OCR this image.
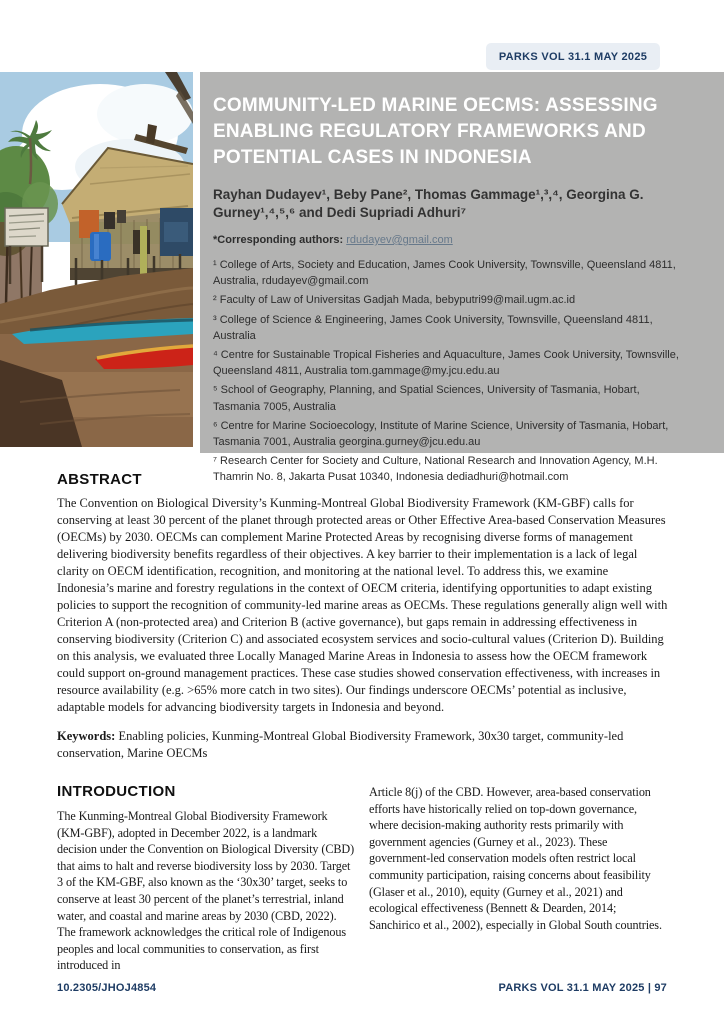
PARKS VOL 31.1 MAY 2025
COMMUNITY-LED MARINE OECMS: ASSESSING ENABLING REGULATORY FRAMEWORKS AND POTENTIAL CASES IN INDONESIA

Rayhan Dudayev¹, Beby Pane², Thomas Gammage¹,³,⁴, Georgina G. Gurney¹,⁴,⁵,⁶ and Dedi Supriadi Adhuri⁷

*Corresponding authors: rdudayev@gmail.com

¹ College of Arts, Society and Education, James Cook University, Townsville, Queensland 4811, Australia, rdudayev@gmail.com

² Faculty of Law of Universitas Gadjah Mada, bebyputri99@mail.ugm.ac.id

³ College of Science & Engineering, James Cook University, Townsville, Queensland 4811, Australia

⁴ Centre for Sustainable Tropical Fisheries and Aquaculture, James Cook University, Townsville, Queensland 4811, Australia tom.gammage@my.jcu.edu.au

⁵ School of Geography, Planning, and Spatial Sciences, University of Tasmania, Hobart, Tasmania 7005, Australia

⁶ Centre for Marine Socioecology, Institute of Marine Science, University of Tasmania, Hobart, Tasmania 7001, Australia georgina.gurney@jcu.edu.au

⁷ Research Center for Society and Culture, National Research and Innovation Agency, M.H. Thamrin No. 8, Jakarta Pusat 10340, Indonesia dediadhuri@hotmail.com

ABSTRACT

The Convention on Biological Diversity’s Kunming-Montreal Global Biodiversity Framework (KM-GBF) calls for conserving at least 30 percent of the planet through protected areas or Other Effective Area-based Conservation Measures (OECMs) by 2030. OECMs can complement Marine Protected Areas by recognising diverse forms of management delivering biodiversity benefits regardless of their objectives. A key barrier to their implementation is a lack of legal clarity on OECM identification, recognition, and monitoring at the national level. To address this, we examine Indonesia’s marine and forestry regulations in the context of OECM criteria, identifying opportunities to adapt existing policies to support the recognition of community-led marine areas as OECMs. These regulations generally align well with Criterion A (non-protected area) and Criterion B (active governance), but gaps remain in addressing effectiveness in conserving biodiversity (Criterion C) and associated ecosystem services and socio-cultural values (Criterion D). Building on this analysis, we evaluated three Locally Managed Marine Areas in Indonesia to assess how the OECM framework could support on-ground management practices. These case studies showed conservation effectiveness, with increases in resource availability (e.g. >65% more catch in two sites). Our findings underscore OECMs’ potential as inclusive, adaptable models for advancing biodiversity targets in Indonesia and beyond.

Keywords: Enabling policies, Kunming-Montreal Global Biodiversity Framework, 30x30 target, community-led conservation, Marine OECMs

INTRODUCTION

The Kunming-Montreal Global Biodiversity Framework (KM-GBF), adopted in December 2022, is a landmark decision under the Convention on Biological Diversity (CBD) that aims to halt and reverse biodiversity loss by 2030. Target 3 of the KM-GBF, also known as the ‘30x30’ target, seeks to conserve at least 30 percent of the planet’s terrestrial, inland water, and coastal and marine areas by 2030 (CBD, 2022). The framework acknowledges the critical role of Indigenous peoples and local communities to conservation, as first introduced in

Article 8(j) of the CBD. However, area-based conservation efforts have historically relied on top-down governance, where decision-making authority rests primarily with government agencies (Gurney et al., 2023). These government-led conservation models often restrict local community participation, raising concerns about feasibility (Glaser et al., 2010), equity (Gurney et al., 2021) and ecological effectiveness (Bennett & Dearden, 2014; Sanchirico et al., 2002), especially in Global South countries.

10.2305/JHOJ4854	PARKS VOL 31.1 MAY 2025 | 97
